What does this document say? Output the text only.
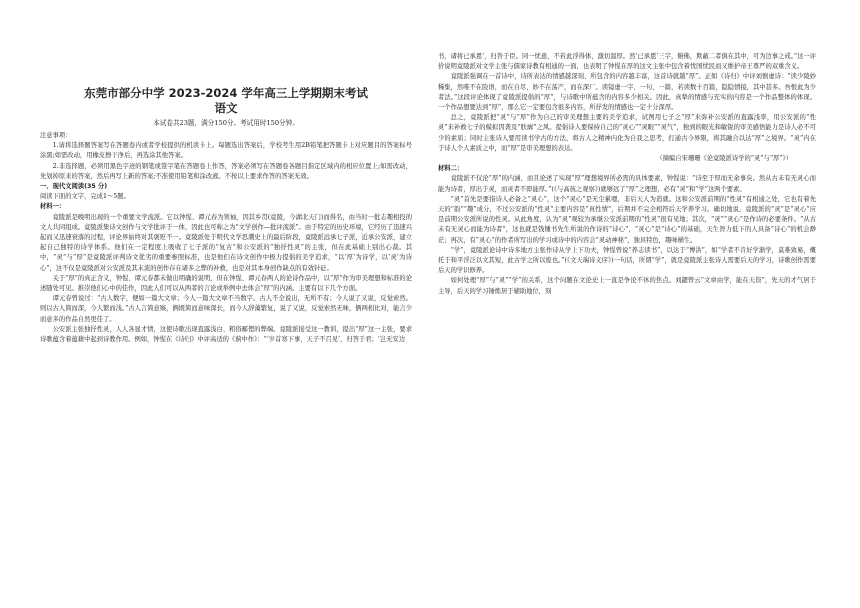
东莞市部分中学 2023-2024 学年高三上学期期末考试
语文
本试卷共23题，满分150分。考试用时150分钟。

注意事项：

1.请将选择题答案写在答题卷内或者学校提供的机读卡上。每题选出答案后，学校考生用2B铅笔把答题卡上对应题目的答案标号涂黑;如需改动，用橡皮擦干净后，再选涂其他答案。

2.非选择题，必须用黑色字迹的钢笔或签字笔在答题卷上作答，答案必须写在答题卷各题目指定区域内的相应位置上;如需改动，先划掉原来的答案，然后再写上新的答案;不准使用铅笔和涂改液。不按以上要求作答的答案无效。

一、现代文阅读(35 分)

阅读下面的文字，完成1～5题。

材料一：

竟陵派是晚明出现的一个重要文学流派。它以钟惺、谭元春为领袖，因其乡贯(竟陵，今湖北天门)而得名，由当时一批志趣相投的文人共同组成。竟陵派集诗文创作与文学批评于一体，因此也可称之为“文学创作—批评流派”。由于特定的历史环境，它经历了迅速兴起而又迅速衰落的过程，评论界始终对其褒贬不一。竟陵派处于明代文学思潮史上的最后阶段，竟陵派远承七子派，近承公安派，建立起自己独特的诗学体系。他们在一定程度上吸收了七子派的“复古”和公安派的“独抒性灵”的主张，但在此基础上别出心裁。其中，“灵”与“厚”是竟陵派评判诗文优劣的重要参照标准，也是他们在诗文创作中极力提倡的美学追求，“以‘厚’为诗学，以‘灵’为诗心”，这不仅是竟陵派对公安派及其末流的创作存在诸多之弊的补救，也是对其本身创作缺点的有效针砭。

关于“厚”的真正含义，钟惺、谭元春都未做出明确的说明，但在钟惺、谭元春两人的论诗作品中，以“厚”作为审美理想和标准的论述随处可见。推崇他们心中的佳作，因此人们可以从两者的言论或举例中去体会“厚”的内涵。主要有以下几个方面。

谭元春曾说过：“古人数字，便如一篇大文章；今人一篇大文章不当数字。古人不全说出，无所不有；今人说了又说，反觉索然。则以古人简而深，今人繁而浅。”古人言简意赅，俩既简而意味深长，而今人辞藻繁复，说了又说，反觉索然无味，俩两相比对，能言少而意多的作品自然更佳了。

公安派主张独抒性灵，人人各显才情，这使诗歌出现直露浅白、粗俗鄙俚的弊端。竟陵派接受这一教训，提出“厚”这一主张，要求诗歌蕴含着蕴藉中起到诗教作用。例如，钟惺在《诗归》中评高适的《蓟中作》：“‘岁首寒下事，天子不召见’，归答于君；‘岂无安边

书，诸将已承恩’，归咎于臣。同一忧患，不若此浮得体，激切温厚。然‘已承恩’三字，俯佛，欺蔽二者俱在其中，可为边事之戒。”这一评价说明竟陵派对文学主张与儒家诗教有相通的一面，也表明了钟惺在厚的这文主张中包含着忧国忧民而又维护帝王尊严的双重含义。

竟陵派强调在一首诗中，诗所表达的情感越深刻、所包含的内容越丰富，这首诗就越“厚”。正如《诗归》中评刘慎虚诗：“读少陵妙稀集，然唯不在险语，而在自尽，妙不在荡产，而在深厂。读镜虚一字、一句、一篇，若读数十百篇，隐隐情接，其中甚多。吾恨此为少者法。”这段评论体现了竟陵派提倡的“厚”，与诗歌中所蕴含的内容多少相关。因此，真挚的情感与充实的内容是一个作品整体的体现。一个作品想要达到“厚”，那么它一定要包含很多内容，所抒发的情感也一定十分深厚。

总之，竟陵派把“灵”与“厚”作为自己的审美理想主要的美学追求，试图用七子之“厚”来弥补公安派的直露浅率，用公安派的“性灵”来补救七子的模拟因袭及“肤廓”之风。提倡诗人要保持自己的“灵心”“灵眼”“灵气”，独到的眼光和敏锐的审美感悟能力是诗人必不可少的素质；同时主张诗人要用读书学古的方法，将古人之精神内化为自我之思考，打通古今界限，将其融合以达“厚”之境界。“灵”内在于诗人个人素质之中，而“厚”是审美理想的表达。

（摘编自宋珊珊《论竟陵派诗学的“灵”与“厚”》）

材料二：

竟陵派不仅论“厚”的内涵，而且论述了实现“厚”理想境界所必需的具体要素，钟惺说：“诗至于厚而无余事矣。然从古未有无灵心而能为诗者，厚出于灵，而灵者不即能厚。”(《与高孩之观察》)就够远了“厚”之理想，必有“灵”和“学”这两个要素。

“灵”首先是要指诗人必备之“灵心”，这个“灵心”是无尘累嗯，非后天人为造就。这和公安派前期的“性灵”有相通之处，它也有着先天的“韵”“趣”成分，不过公安派的“性灵”主要内容是“真性情”，后期并不完全相符后天学养学习。确切地说，竟陵派的“灵”是“灵心”应是前期公安派所说的性灵。从此角度，认为“灵”观较为承继公安派前期的“性灵”很有见地；其次，“灵”“灵心”是作诗的必要条件。“从古未有无灵心而能为诗者”，这也就是钱锺书先生所说的作诗的“诗心”，“灵心”是“诗心”的基础，天生智力低下的人具备“诗心”的机会渺茫；再次，有“灵心”的作者所写出的学习或诗中的内容会“灵动神秘”，独具特色，趣味横生。

“学”，竟陵派论诗中诗多地方主张作诗从学上下功夫，钟惺曾说“养志读书”，以达于“博洪”，如“学者不肯好学渐学，莫难致易，概托于和平浮泛以文其短，此古学之所以废也。”(《文天瑞诗义序》)一句话，所谓“学”，就是竟陵派主张诗人需要后天的学习，诗歌创作需要后天的学识修养。

如何处理“厚”与“灵”“学”的关系，这个问题在文论史上一直是争论不休的焦点。刘勰曾云“文章由学，能在天资”，先天的才气居于主导，后天的学习锤炼居于辅助地位，刻
